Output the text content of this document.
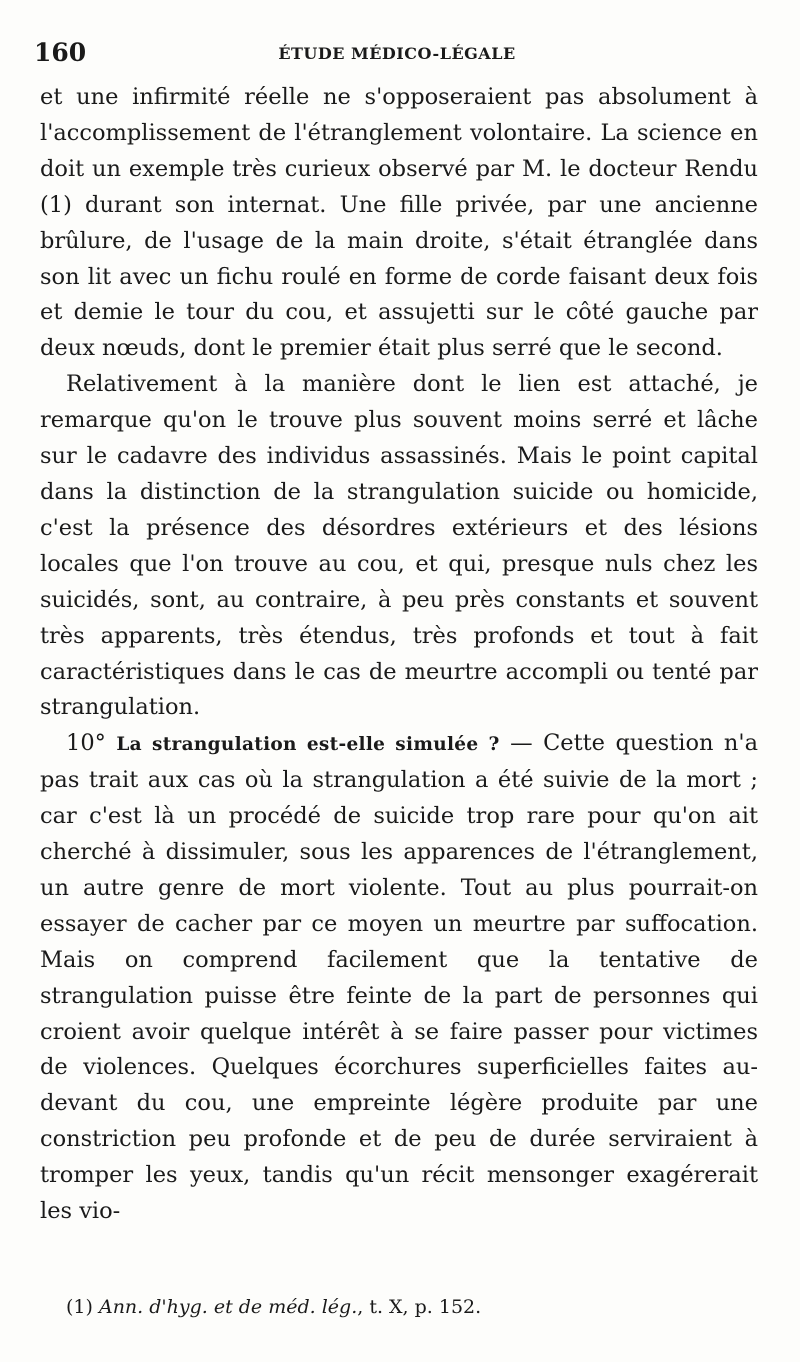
160	ÉTUDE MÉDICO-LÉGALE

et une infirmité réelle ne s'opposeraient pas absolument à l'accomplissement de l'étranglement volontaire. La science en doit un exemple très curieux observé par M. le docteur Rendu (1) durant son internat. Une fille privée, par une ancienne brûlure, de l'usage de la main droite, s'était étranglée dans son lit avec un fichu roulé en forme de corde faisant deux fois et demie le tour du cou, et assujetti sur le côté gauche par deux nœuds, dont le premier était plus serré que le second.

Relativement à la manière dont le lien est attaché, je remarque qu'on le trouve plus souvent moins serré et lâche sur le cadavre des individus assassinés. Mais le point capital dans la distinction de la strangulation suicide ou homicide, c'est la présence des désordres extérieurs et des lésions locales que l'on trouve au cou, et qui, presque nuls chez les suicidés, sont, au contraire, à peu près constants et souvent très apparents, très étendus, très profonds et tout à fait caractéristiques dans le cas de meurtre accompli ou tenté par strangulation.

10° La strangulation est-elle simulée ? — Cette question n'a pas trait aux cas où la strangulation a été suivie de la mort ; car c'est là un procédé de suicide trop rare pour qu'on ait cherché à dissimuler, sous les apparences de l'étranglement, un autre genre de mort violente. Tout au plus pourrait-on essayer de cacher par ce moyen un meurtre par suffocation. Mais on comprend facilement que la tentative de strangulation puisse être feinte de la part de personnes qui croient avoir quelque intérêt à se faire passer pour victimes de violences. Quelques écorchures superficielles faites au-devant du cou, une empreinte légère produite par une constriction peu profonde et de peu de durée serviraient à tromper les yeux, tandis qu'un récit mensonger exagérerait les vio-

(1) Ann. d'hyg. et de méd. lég., t. X, p. 152.
